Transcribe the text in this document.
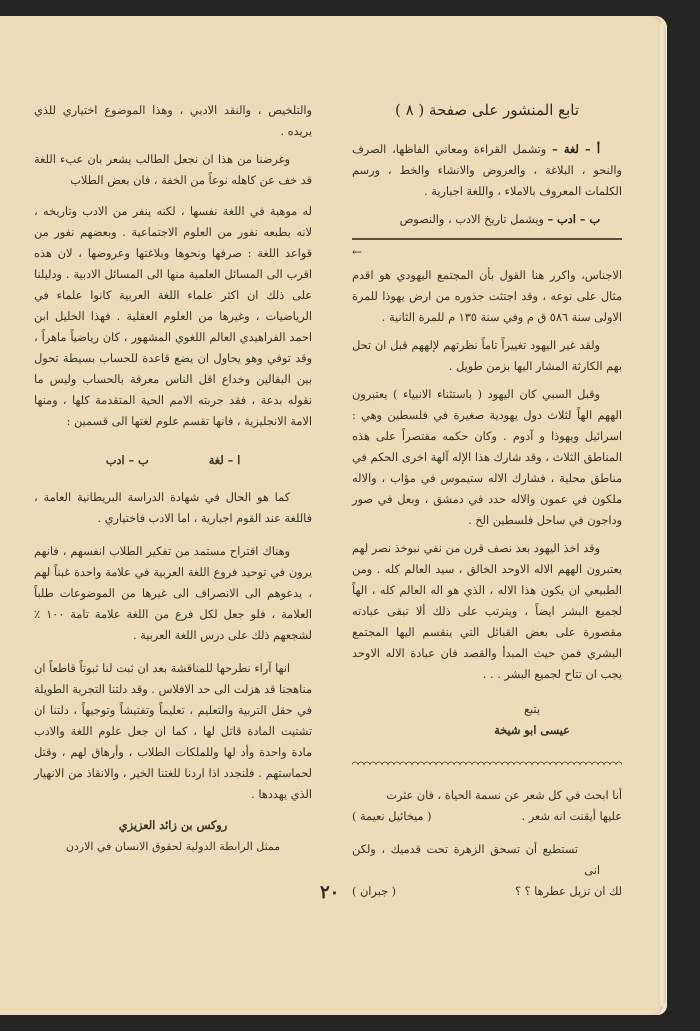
تابع المنشور على صفحة ( ٨ )

أ – لغة – وتشمل القراءة ومعاني الفاظها، الصرف والنحو ، البلاغة ، والعروض والانشاء والخط ، ورسم الكلمات المعروف بالاملاء ، واللغة اجبارية .

ب – ادب – ويشمل تاريخ الادب ، والنصوص

←

الاجناس، واكرر هنا القول بأن المجتمع اليهودي هو اقدم مثال على نوعه ، وقد اجتثت جذوره من ارض يهوذا للمرة الاولى سنة ٥٨٦ ق م وفي سنة ١٣٥ م للمرة الثانية .

ولقد غير اليهود تغييراً تاماً نظرتهم لإلههم قبل ان تحل بهم الكارثة المشار اليها بزمن طويل .

وقبل السبي كان اليهود ( باستثناء الانبياء ) يعتبرون الههم الهاً لثلاث دول يهودية صغيرة في فلسطين وهي : اسرائيل ويهوذا و آدوم . وكان حكمه مقتصراً على هذه المناطق الثلاث ، وقد شارك هذا الإله آلهة اخرى الحكم في مناطق محلية ، فشارك الاله ستيموس في مؤاب ، والاله ملكون في عمون والاله حدد في دمشق ، وبعل في صور وداجون في ساحل فلسطين الخ .

وقد اخذ اليهود بعد نصف قرن من نفي نبوخذ نصر لهم يعتبرون الههم الاله الاوحد الخالق ، سيد العالم كله . ومن الطبيعي ان يكون هذا الاله ، الذي هو اله العالم كله ، الهاً لجميع البشر ايضاً ، ويترتب على ذلك ألا تبقى عبادته مقصورة على بعض القبائل التي ينقسم اليها المجتمع البشري فمن حيث المبدأ والقصد فان عبادة الاله الاوحد يجب ان تتاح لجميع البشر . . .

يتبع

عيسى ابو شيخة

أنا ابحث في كل شعر عن نسمة الحياة ، فان عثرت

عليها أيقنت انه شعر .
( ميخائيل نعيمة )

تستطيع أن تسحق الزهرة تحت قدميك ، ولكن انى

لك ان تزيل عطرها ؟ ؟
( جبران )

والتلخيص ، والنقد الادبي ، وهذا الموضوع اختياري للذي يريده .

وغرضنا من هذا ان نجعل الطالب يشعر بان عبء اللغة قد خف عن كاهله نوعاً من الخفة ، فان بعض الطلاب

له موهبة في اللغة نفسها ، لكنه ينفر من الادب وتاريخه ، لانه بطبعه نفور من العلوم الاجتماعية . وبعضهم نفور من قواعد اللغة : صرفها ونحوها وبلاغتها وعروضها ، لان هذه اقرب الى المسائل العلمية منها الى المسائل الادبية . ودليلنا على ذلك ان اكثر علماء اللغة العربية كانوا علماء في الرياضيات ، وغيرها من العلوم العقلية . فهذا الخليل ابن احمد الفراهيدي العالم اللغوي المشهور ، كان رياضياً ماهراً ، وقد توفي وهو يحاول ان يضع قاعدة للحساب بسيطة تحول بين البقالين وخداع اقل الناس معرفة بالحساب وليس ما نقوله بدعة ، فقد جربته الامم الحية المتقدمة كلها ، ومنها الامة الانجليزية ، فانها تقسم علوم لغتها الى قسمين :

ا – لغة
ب – ادب

كما هو الحال في شهادة الدراسة البريطانية العامة ، فاللغة عند القوم اجبارية ، اما الادب فاختياري .

وهناك اقتراح مستمد من تفكير الطلاب انفسهم ، فانهم يرون في توحيد فروع اللغة العربية في علامة واحدة غبناً لهم ، يدعوهم الى الانصراف الى غيرها من الموضوعات طلباً العلامة ، فلو جعل لكل فرع من اللغة علامة تامة ١٠٠ ٪ لشجعهم ذلك على درس اللغة العربية .

انها آراء نطرحها للمناقشة بعد ان ثبت لنا ثبوتاً قاطعاً ان مناهجنا قد هزلت الى حد الافلاس . وقد دلتنا التجربة الطويلة في حقل التربية والتعليم ، تعليماً وتفتيشاً وتوجيهاً ، دلتنا ان تشتيت المادة قاتل لها ، كما ان جعل علوم اللغة والادب مادة واحدة وأد لها وللملكات الطلاب ، وأرهاق لهم ، وقتل لحماستهم . فلنجدد اذا اردنا للغتنا الخير ، والانقاذ من الانهيار الذي يهددها .

روكس بن زائد العزيزي

ممثل الرابطة الدولية لحقوق الانسان في الاردن

٢٠
